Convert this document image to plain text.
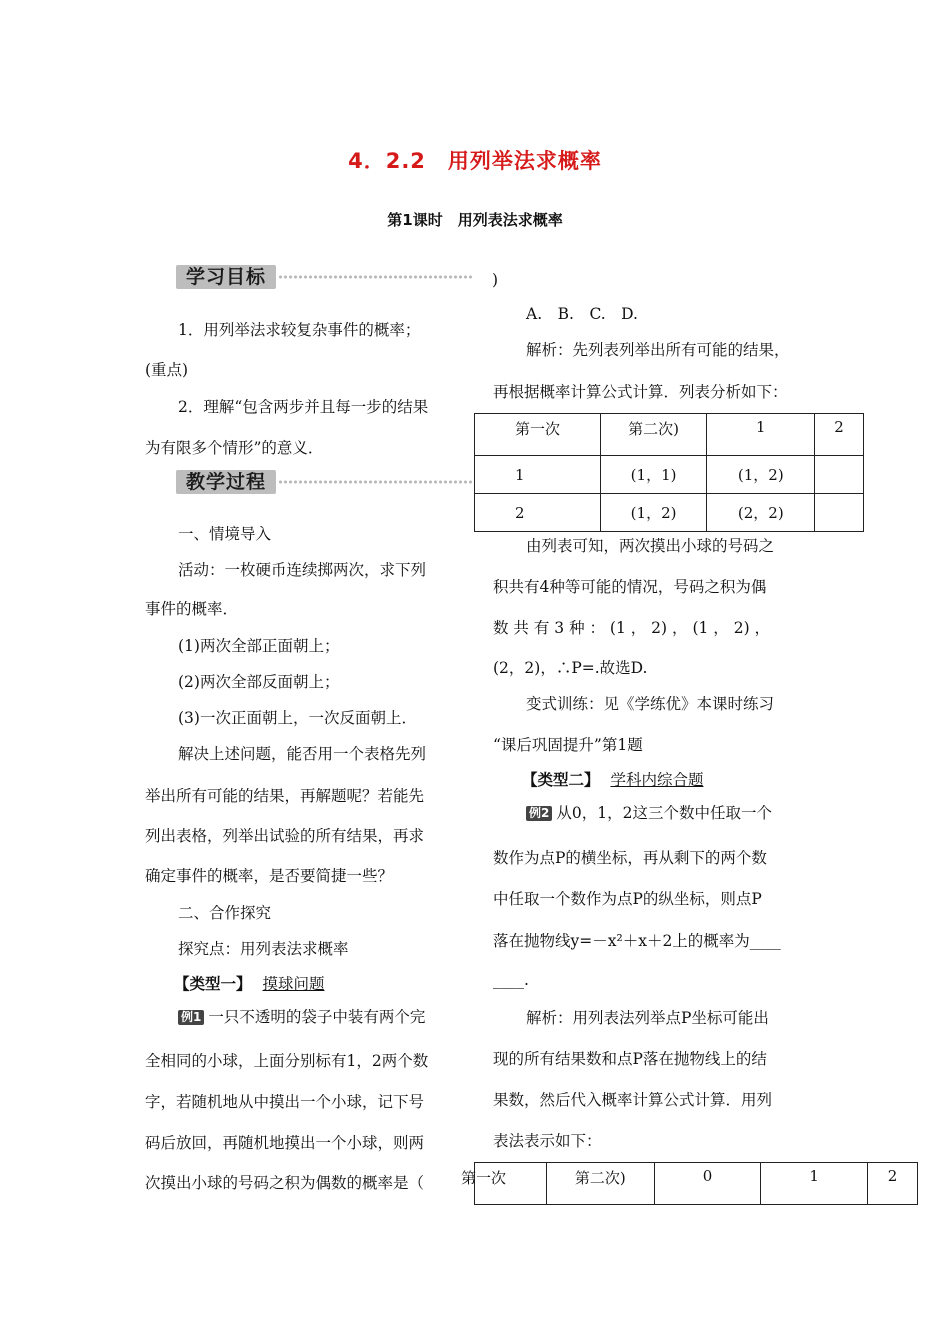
4．2.2　用列举法求概率
第1课时　用列表法求概率
学习目标
1．用列举法求较复杂事件的概率；
(重点)
2．理解“包含两步并且每一步的结果
为有限多个情形”的意义．
教学过程
一、情境导入
活动：一枚硬币连续掷两次，求下列
事件的概率．
(1)两次全部正面朝上；
(2)两次全部反面朝上；
(3)一次正面朝上，一次反面朝上．
解决上述问题，能否用一个表格先列
举出所有可能的结果，再解题呢？若能先
列出表格，列举出试验的所有结果，再求
确定事件的概率，是否要简捷一些？
二、合作探究
探究点：用列表法求概率
【类型一】 摸球问题
例1 一只不透明的袋子中装有两个完
全相同的小球，上面分别标有1，2两个数
字，若随机地从中摸出一个小球，记下号
码后放回，再随机地摸出一个小球，则两
次摸出小球的号码之积为偶数的概率是（
)
A.　B.　C.　D.
解析：先列表列举出所有可能的结果，
再根据概率计算公式计算．列表分析如下：
第一次	第二次)	1	2
1	(1，1)	(1，2)	
2	(1，2)	(2，2)	
由列表可知，两次摸出小球的号码之
积共有4种等可能的情况，号码之积为偶
数 共 有 3 种 ： (1 ， 2) ， (1 ， 2) ，
(2，2)，∴P=.故选D.
变式训练：见《学练优》本课时练习
“课后巩固提升”第1题
【类型二】 学科内综合题
例2 从0，1，2这三个数中任取一个
数作为点P的横坐标，再从剩下的两个数
中任取一个数作为点P的纵坐标，则点P
落在抛物线y=－x²＋x＋2上的概率为____
____.
解析：用列表法列举点P坐标可能出
现的所有结果数和点P落在抛物线上的结
果数，然后代入概率计算公式计算．用列
表法表示如下：
第一次	第二次)	0	1	2
